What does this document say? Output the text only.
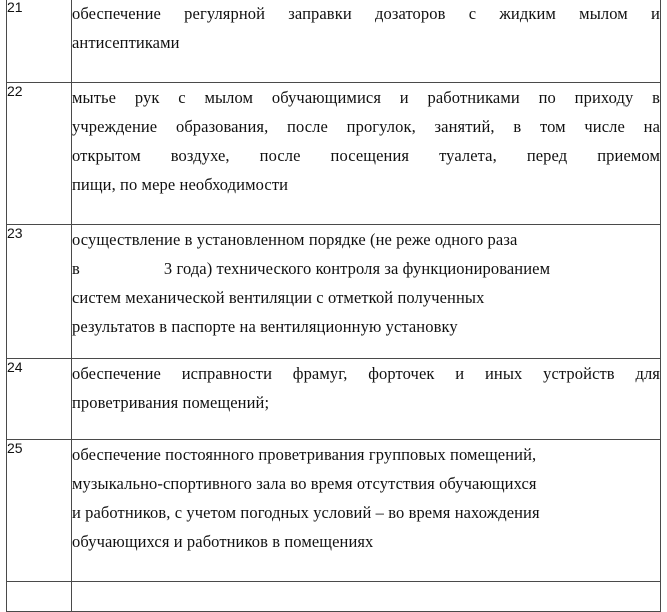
21	обеспечение регулярной заправки дозаторов с жидким мылом и
антисептиками

22	мытье рук с мылом обучающимися и работниками по приходу в
учреждение образования, после прогулок, занятий, в том числе на
открытом воздухе, после посещения туалета, перед приемом
пищи, по мере необходимости

23	осуществление в установленном порядке (не реже одного раза
в 3 года) технического контроля за функционированием
систем механической вентиляции с отметкой полученных
результатов в паспорте на вентиляционную установку

24	обеспечение исправности фрамуг, форточек и иных устройств для
проветривания помещений;

25	обеспечение постоянного проветривания групповых помещений,
музыкально-спортивного зала во время отсутствия обучающихся
и работников, с учетом погодных условий – во время нахождения
обучающихся и работников в помещениях
